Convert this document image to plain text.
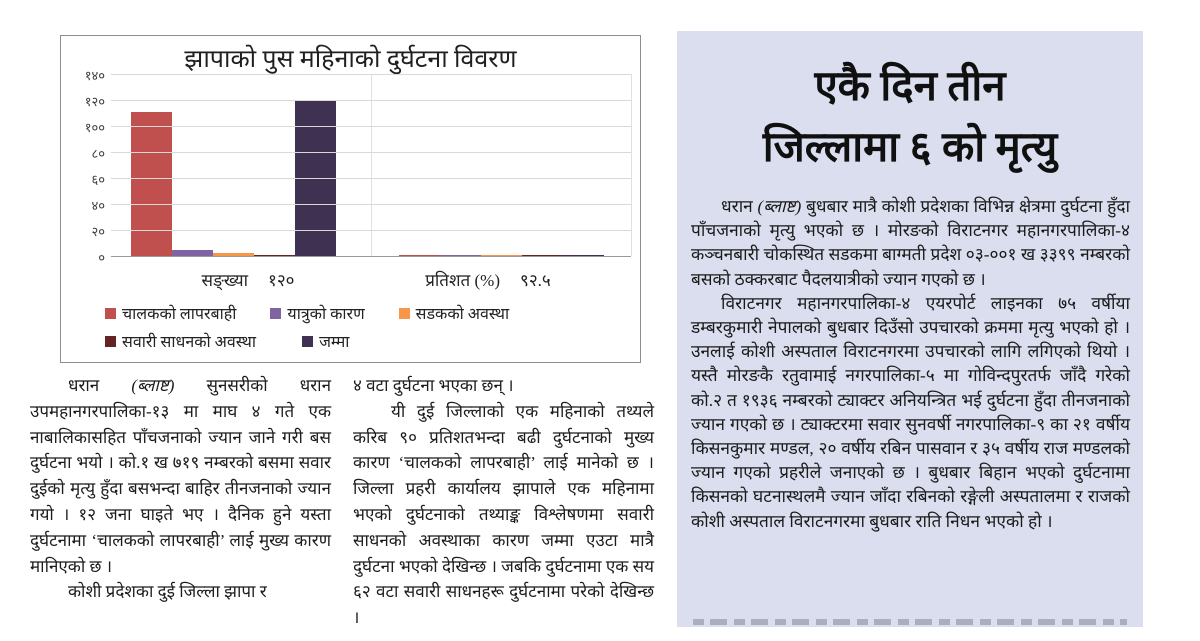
झापाको पुस महिनाको दुर्घटना विवरण
०
२०
४०
६०
८०
१००
१२०
१४०
सङ्ख्या १२०	प्रतिशत (%) ९२.५
चालकको लापरबाही	यात्रुको कारण	सडकको अवस्था
सवारी साधनको अवस्था	जम्मा

धरान (ब्लाष्ट) सुनसरीको धरान उपमहानगरपालिका-१३ मा माघ ४ गते एक नाबालिकासहित पाँचजनाको ज्यान जाने गरी बस दुर्घटना भयो । को.१ ख ७१९ नम्बरको बसमा सवार दुईको मृत्यु हुँदा बसभन्दा बाहिर तीनजनाको ज्यान गयो । १२ जना घाइते भए । दैनिक हुने यस्ता दुर्घटनामा ‘चालकको लापरबाही’ लाई मुख्य कारण मानिएको छ ।

कोशी प्रदेशका दुई जिल्ला झापा र

४ वटा दुर्घटना भएका छन् ।

यी दुई जिल्लाको एक महिनाको तथ्यले करिब ९० प्रतिशतभन्दा बढी दुर्घटनाको मुख्य कारण ‘चालकको लापरबाही’ लाई मानेको छ । जिल्ला प्रहरी कार्यालय झापाले एक महिनामा भएको दुर्घटनाको तथ्याङ्क विश्लेषणमा सवारी साधनको अवस्थाका कारण जम्मा एउटा मात्रै दुर्घटना भएको देखिन्छ । जबकि दुर्घटनामा एक सय ६२ वटा सवारी साधनहरू दुर्घटनामा परेको देखिन्छ ।

एकै दिन तीन
जिल्लामा ६ को मृत्यु

धरान (ब्लाष्ट) बुधबार मात्रै कोशी प्रदेशका विभिन्न क्षेत्रमा दुर्घटना हुँदा पाँचजनाको मृत्यु भएको छ । मोरङको विराटनगर महानगरपालिका-४ कञ्चनबारी चोकस्थित सडकमा बाग्मती प्रदेश ०३-००१ ख ३३९९ नम्बरको बसको ठक्करबाट पैदलयात्रीको ज्यान गएको छ ।

विराटनगर महानगरपालिका-४ एयरपोर्ट लाइनका ७५ वर्षीया डम्बरकुमारी नेपालको बुधबार दिउँसो उपचारको क्रममा मृत्यु भएको हो । उनलाई कोशी अस्पताल विराटनगरमा उपचारको लागि लगिएको थियो । यस्तै मोरङकै रतुवामाई नगरपालिका-५ मा गोविन्दपुरतर्फ जाँदै गरेको को.२ त १९३६ नम्बरको ट्याक्टर अनियन्त्रित भई दुर्घटना हुँदा तीनजनाको ज्यान गएको छ । ट्याक्टरमा सवार सुनवर्षी नगरपालिका-९ का २१ वर्षीय किसनकुमार मण्डल, २० वर्षीय रबिन पासवान र ३५ वर्षीय राज मण्डलको ज्यान गएको प्रहरीले जनाएको छ । बुधबार बिहान भएको दुर्घटनामा किसनको घटनास्थलमै ज्यान जाँदा रबिनको रङ्गेली अस्पतालमा र राजको कोशी अस्पताल विराटनगरमा बुधबार राति निधन भएको हो ।
